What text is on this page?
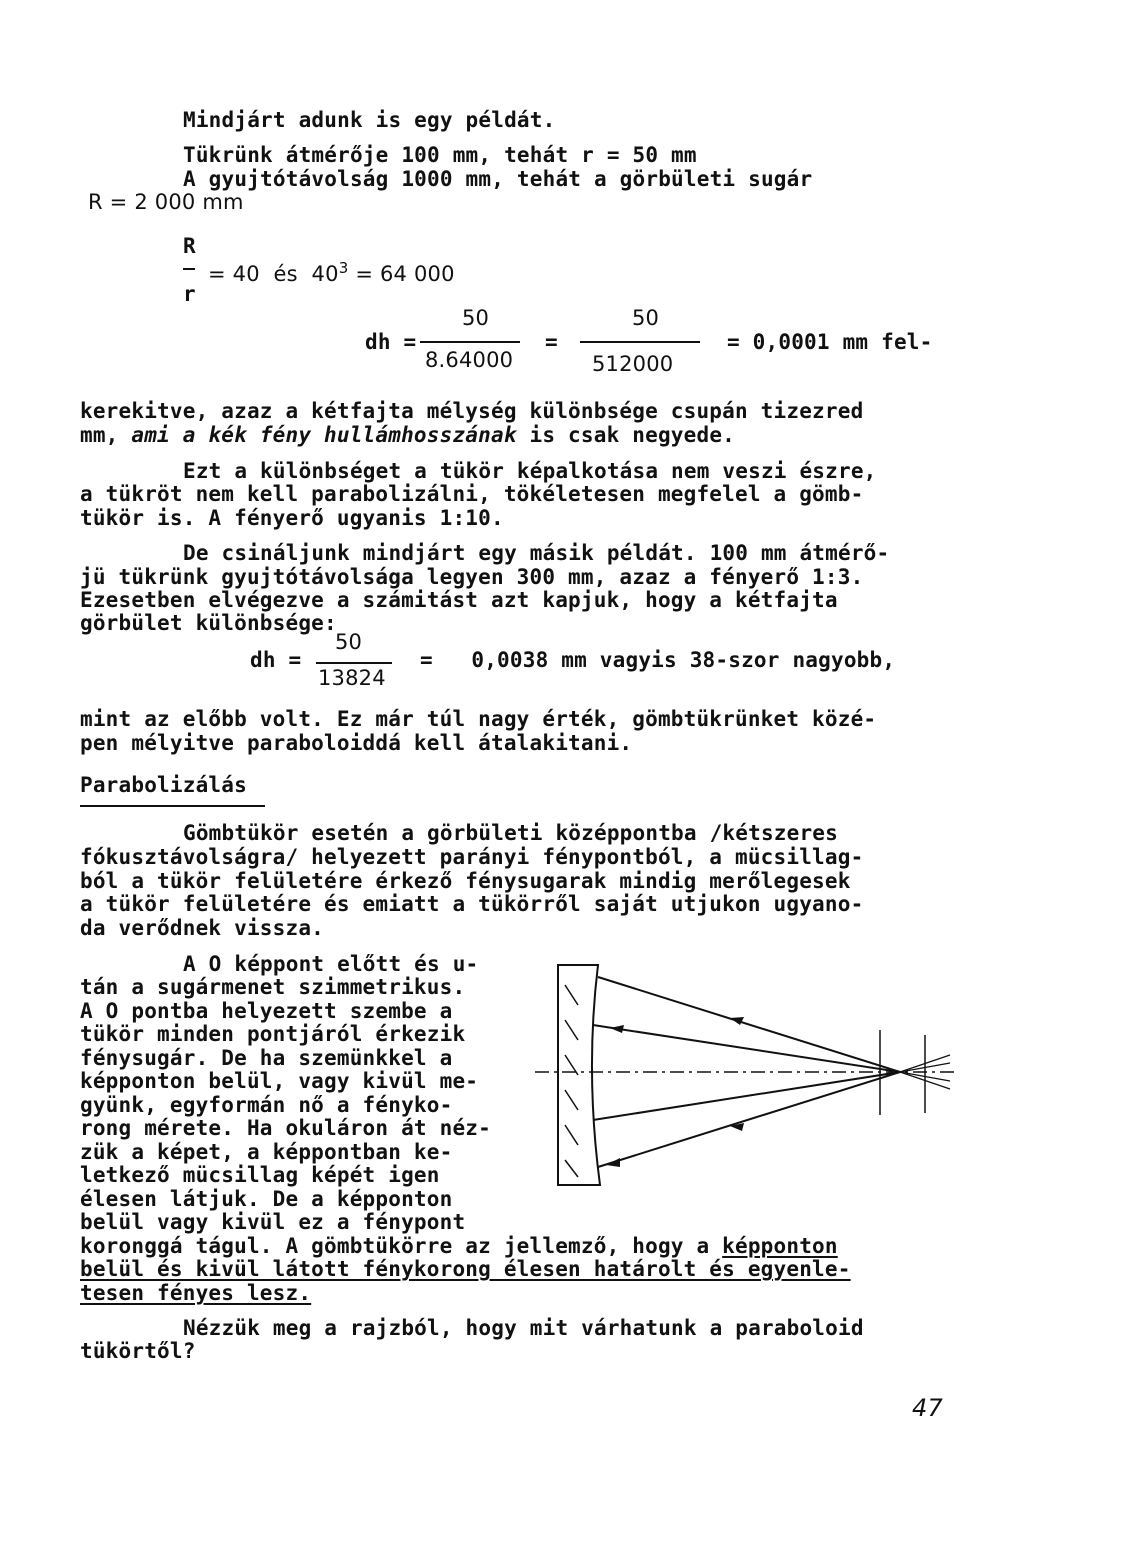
Mindjárt adunk is egy példát.
Tükrünk átmérője 100 mm, tehát r = 50 mm
A gyujtótávolság 1000 mm, tehát a görbületi sugár
R = 2 000 mm
R
r
= 40  és  $40^3 = 64$ 000
dh =
50
8.64000
=
50
512000
= 0,0001 mm fel-
kerekitve, azaz a kétfajta mélység különbsége csupán tizezred
mm, ami a kék fény hullámhosszának is csak negyede.
Ezt a különbséget a tükör képalkotása nem veszi észre,
a tükröt nem kell parabolizálni, tökéletesen megfelel a gömb-
tükör is. A fényerő ugyanis 1:10.
De csináljunk mindjárt egy másik példát. 100 mm átmérő-
jü tükrünk gyujtótávolsága legyen 300 mm, azaz a fényerő 1:3.
Ezesetben elvégezve a számitást azt kapjuk, hogy a kétfajta
görbület különbsége:
dh =
50
13824
=   0,0038 mm vagyis 38-szor nagyobb,
mint az előbb volt. Ez már túl nagy érték, gömbtükrünket közé-
pen mélyitve paraboloiddá kell átalakitani.
Parabolizálás
Gömbtükör esetén a görbületi középpontba /kétszeres
fókusztávolságra/ helyezett parányi fénypontból, a mücsillag-
ból a tükör felületére érkező fénysugarak mindig merőlegesek
a tükör felületére és emiatt a tükörről saját utjukon ugyano-
da verődnek vissza.
A O képpont előtt és u-
tán a sugármenet szimmetrikus.
A O pontba helyezett szembe a
tükör minden pontjáról érkezik
fénysugár. De ha szemünkkel a
képponton belül, vagy kivül me-
gyünk, egyformán nő a fényko-
rong mérete. Ha okuláron át néz-
zük a képet, a képpontban ke-
letkező mücsillag képét igen
élesen látjuk. De a képponton
belül vagy kivül ez a fénypont
koronggá tágul. A gömbtükörre az jellemző, hogy a képponton
belül és kivül látott fénykorong élesen határolt és egyenle-
tesen fényes lesz.
Nézzük meg a rajzból, hogy mit várhatunk a paraboloid
tükörtől?
47
